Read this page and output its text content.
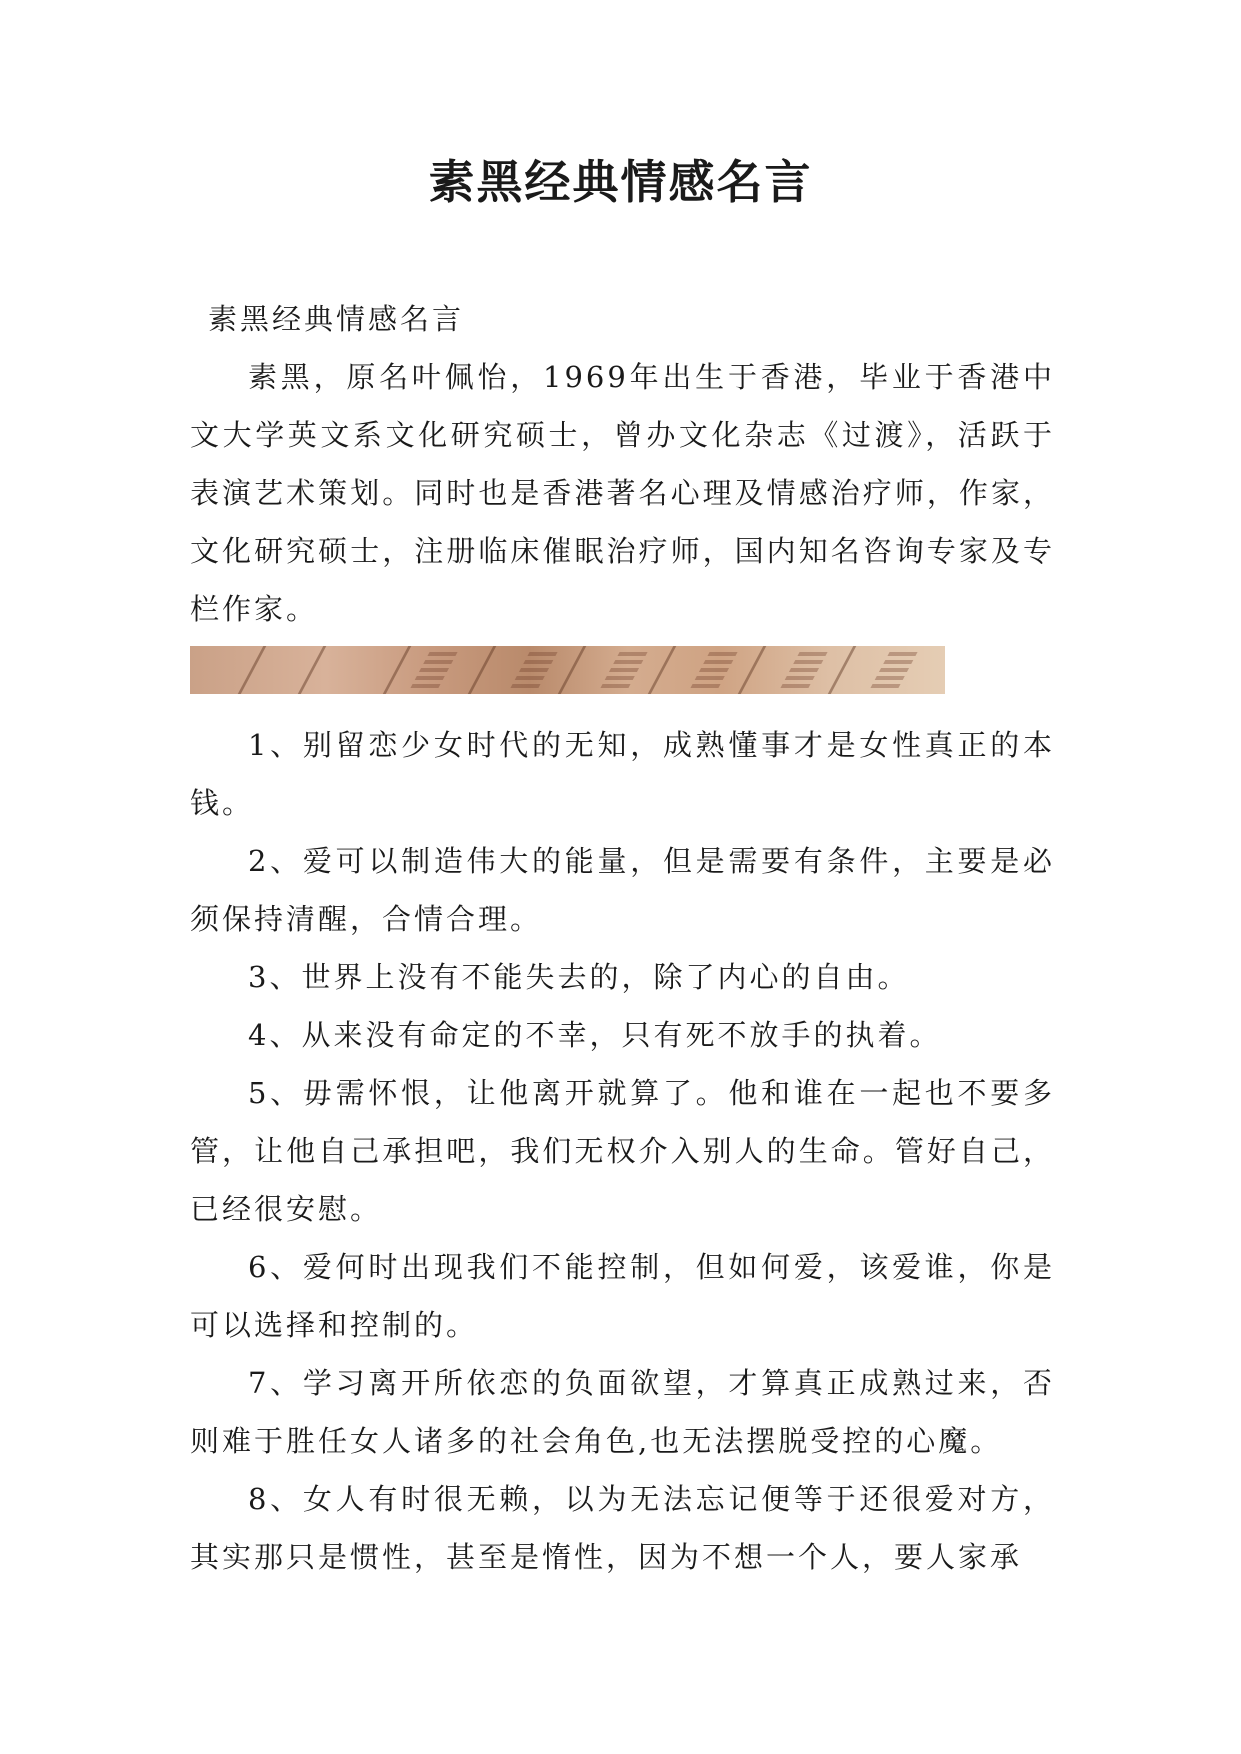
素黑经典情感名言

素黑经典情感名言

素黑，原名叶佩怡，1969年出生于香港，毕业于香港中文大学英文系文化研究硕士，曾办文化杂志《过渡》，活跃于表演艺术策划。同时也是香港著名心理及情感治疗师，作家，文化研究硕士，注册临床催眠治疗师，国内知名咨询专家及专栏作家。

1、别留恋少女时代的无知，成熟懂事才是女性真正的本钱。

2、爱可以制造伟大的能量，但是需要有条件，主要是必须保持清醒，合情合理。

3、世界上没有不能失去的，除了内心的自由。

4、从来没有命定的不幸，只有死不放手的执着。

5、毋需怀恨，让他离开就算了。他和谁在一起也不要多管，让他自己承担吧，我们无权介入别人的生命。管好自己，已经很安慰。

6、爱何时出现我们不能控制，但如何爱，该爱谁，你是可以选择和控制的。

7、学习离开所依恋的负面欲望，才算真正成熟过来，否则难于胜任女人诸多的社会角色,也无法摆脱受控的心魔。

8、女人有时很无赖，以为无法忘记便等于还很爱对方，其实那只是惯性，甚至是惰性，因为不想一个人，要人家承
